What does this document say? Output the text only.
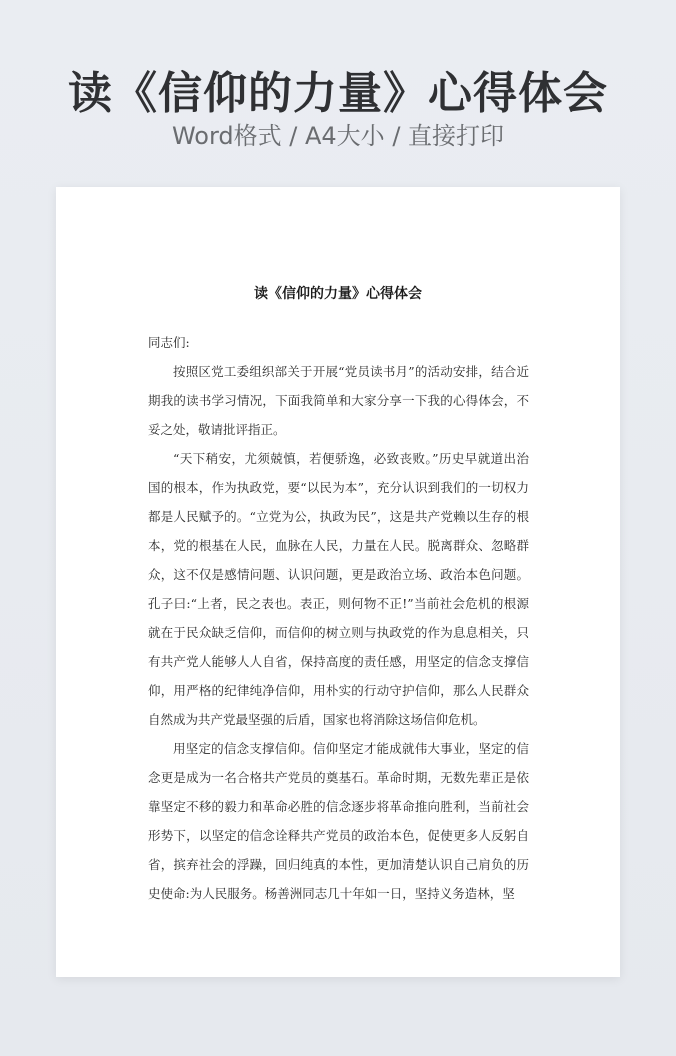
读《信仰的力量》心得体会
Word格式 / A4大小 / 直接打印
读《信仰的力量》心得体会

同志们:

按照区党工委组织部关于开展“党员读书月”的活动安排，结合近期我的读书学习情况，下面我简单和大家分享一下我的心得体会，不妥之处，敬请批评指正。

“天下稍安，尤须兢慎，若便骄逸，必致丧败。”历史早就道出治国的根本，作为执政党，要“以民为本”，充分认识到我们的一切权力都是人民赋予的。“立党为公，执政为民”，这是共产党赖以生存的根本，党的根基在人民，血脉在人民，力量在人民。脱离群众、忽略群众，这不仅是感情问题、认识问题，更是政治立场、政治本色问题。孔子曰:“上者，民之表也。表正，则何物不正!”当前社会危机的根源就在于民众缺乏信仰，而信仰的树立则与执政党的作为息息相关，只有共产党人能够人人自省，保持高度的责任感，用坚定的信念支撑信仰，用严格的纪律纯净信仰，用朴实的行动守护信仰，那么人民群众自然成为共产党最坚强的后盾，国家也将消除这场信仰危机。

用坚定的信念支撑信仰。信仰坚定才能成就伟大事业，坚定的信念更是成为一名合格共产党员的奠基石。革命时期，无数先辈正是依靠坚定不移的毅力和革命必胜的信念逐步将革命推向胜利，当前社会形势下，以坚定的信念诠释共产党员的政治本色，促使更多人反躬自省，摈弃社会的浮躁，回归纯真的本性，更加清楚认识自己肩负的历史使命:为人民服务。杨善洲同志几十年如一日，坚持义务造林，坚
